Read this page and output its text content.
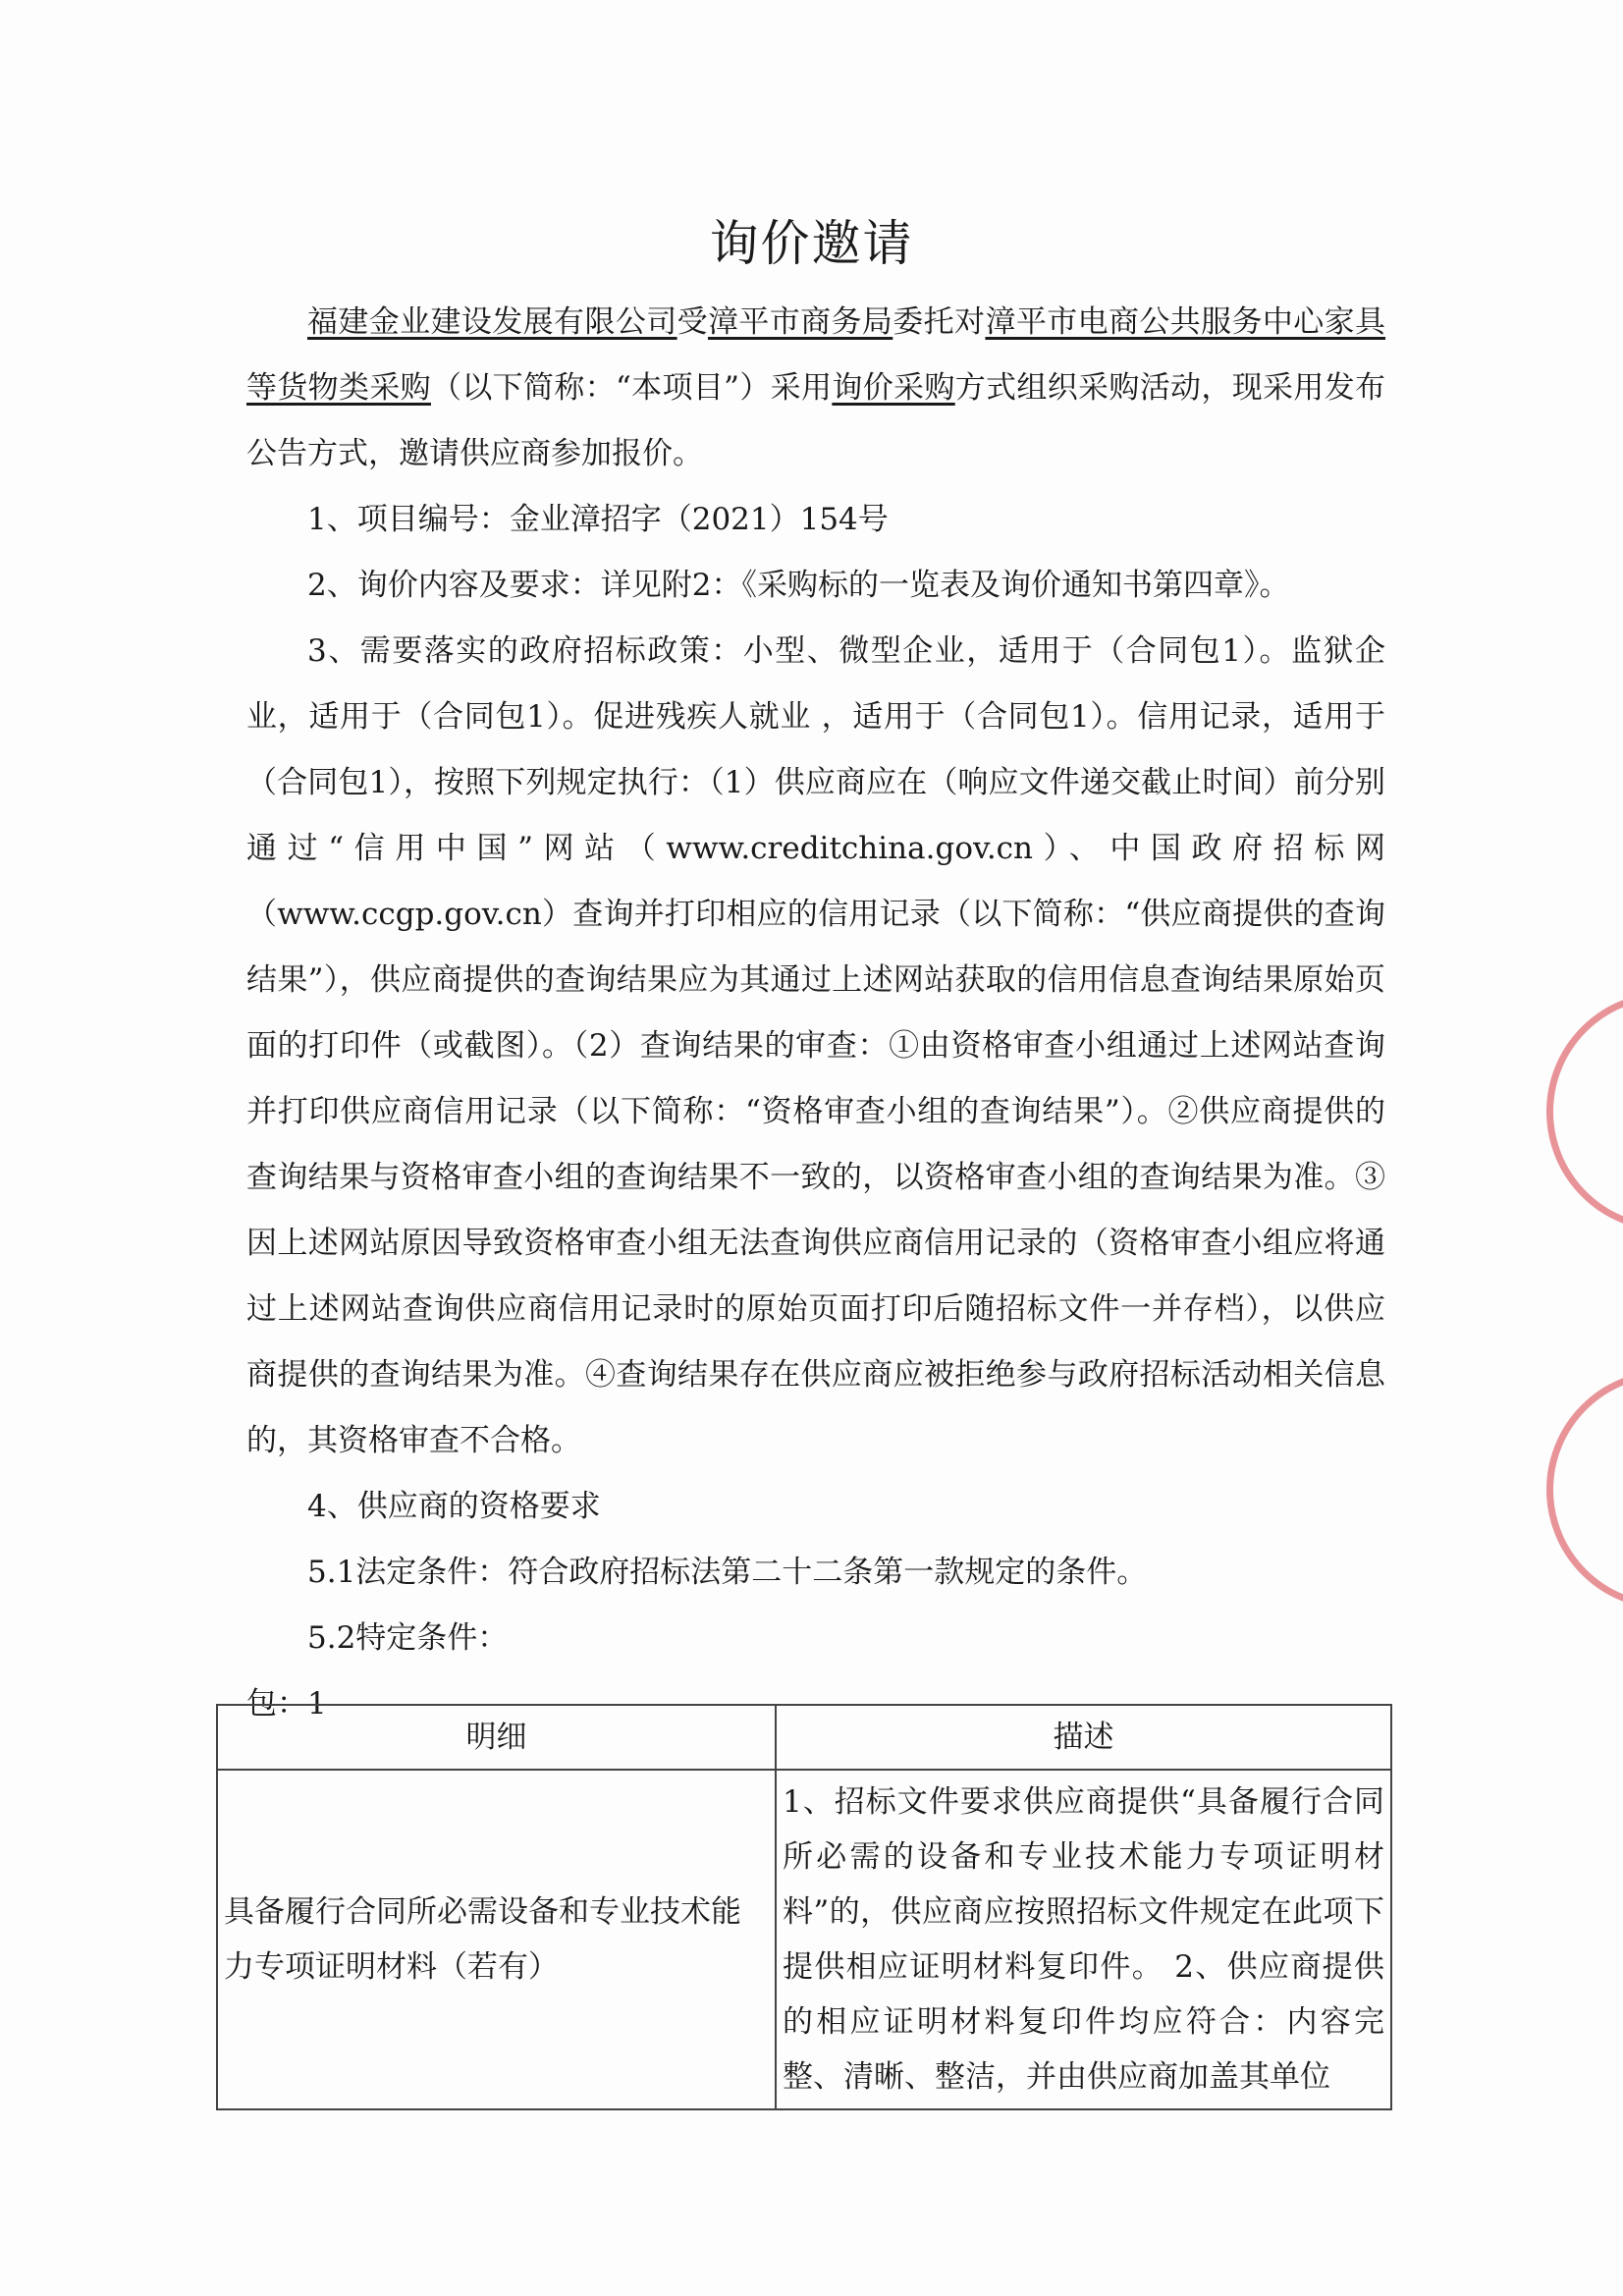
询价邀请

福建金业建设发展有限公司受漳平市商务局委托对漳平市电商公共服务中心家具等货物类采购（以下简称：“本项目”）采用询价采购方式组织采购活动，现采用发布公告方式，邀请供应商参加报价。

1、项目编号：金业漳招字（2021）154号

2、询价内容及要求：详见附2：《采购标的一览表及询价通知书第四章》。

3、需要落实的政府招标政策：小型、微型企业，适用于（合同包1）。监狱企业，适用于（合同包1）。促进残疾人就业 ，适用于（合同包1）。信用记录，适用于（合同包1），按照下列规定执行：（1）供应商应在（响应文件递交截止时间）前分别通过“信用中国”网站（www.creditchina.gov.cn）、中国政府招标网（www.ccgp.gov.cn）查询并打印相应的信用记录（以下简称：“供应商提供的查询结果”），供应商提供的查询结果应为其通过上述网站获取的信用信息查询结果原始页面的打印件（或截图）。（2）查询结果的审查：①由资格审查小组通过上述网站查询并打印供应商信用记录（以下简称：“资格审查小组的查询结果”）。②供应商提供的查询结果与资格审查小组的查询结果不一致的，以资格审查小组的查询结果为准。③因上述网站原因导致资格审查小组无法查询供应商信用记录的（资格审查小组应将通过上述网站查询供应商信用记录时的原始页面打印后随招标文件一并存档），以供应商提供的查询结果为准。④查询结果存在供应商应被拒绝参与政府招标活动相关信息的，其资格审查不合格。

4、供应商的资格要求

5.1法定条件：符合政府招标法第二十二条第一款规定的条件。

5.2特定条件：

包：1

明细	描述
具备履行合同所必需设备和专业技术能力专项证明材料（若有）	1、招标文件要求供应商提供“具备履行合同所必需的设备和专业技术能力专项证明材料”的，供应商应按照招标文件规定在此项下提供相应证明材料复印件。 2、供应商提供的相应证明材料复印件均应符合：内容完整、清晰、整洁，并由供应商加盖其单位
